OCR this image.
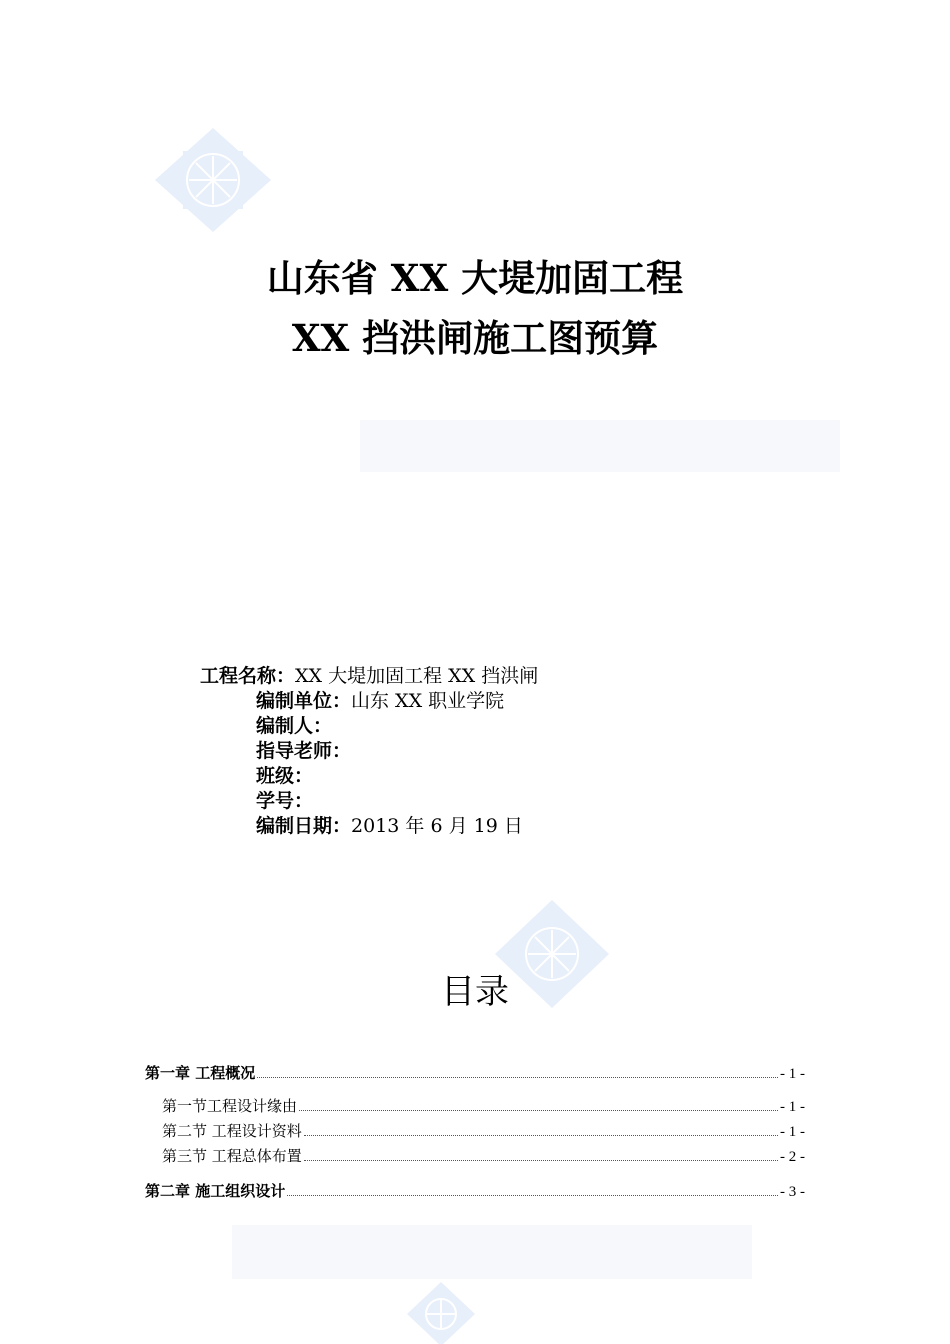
山东省 XX 大堤加固工程
XX 挡洪闸施工图预算
工程名称：XX 大堤加固工程 XX 挡洪闸
编制单位：山东 XX 职业学院
编制人：
指导老师：
班级：
学号：
编制日期：2013 年 6 月 19 日
目录
第一章 工程概况	- 1 -
第一节工程设计缘由	- 1 -
第二节 工程设计资料	- 1 -
第三节 工程总体布置	- 2 -
第二章 施工组织设计	- 3 -
